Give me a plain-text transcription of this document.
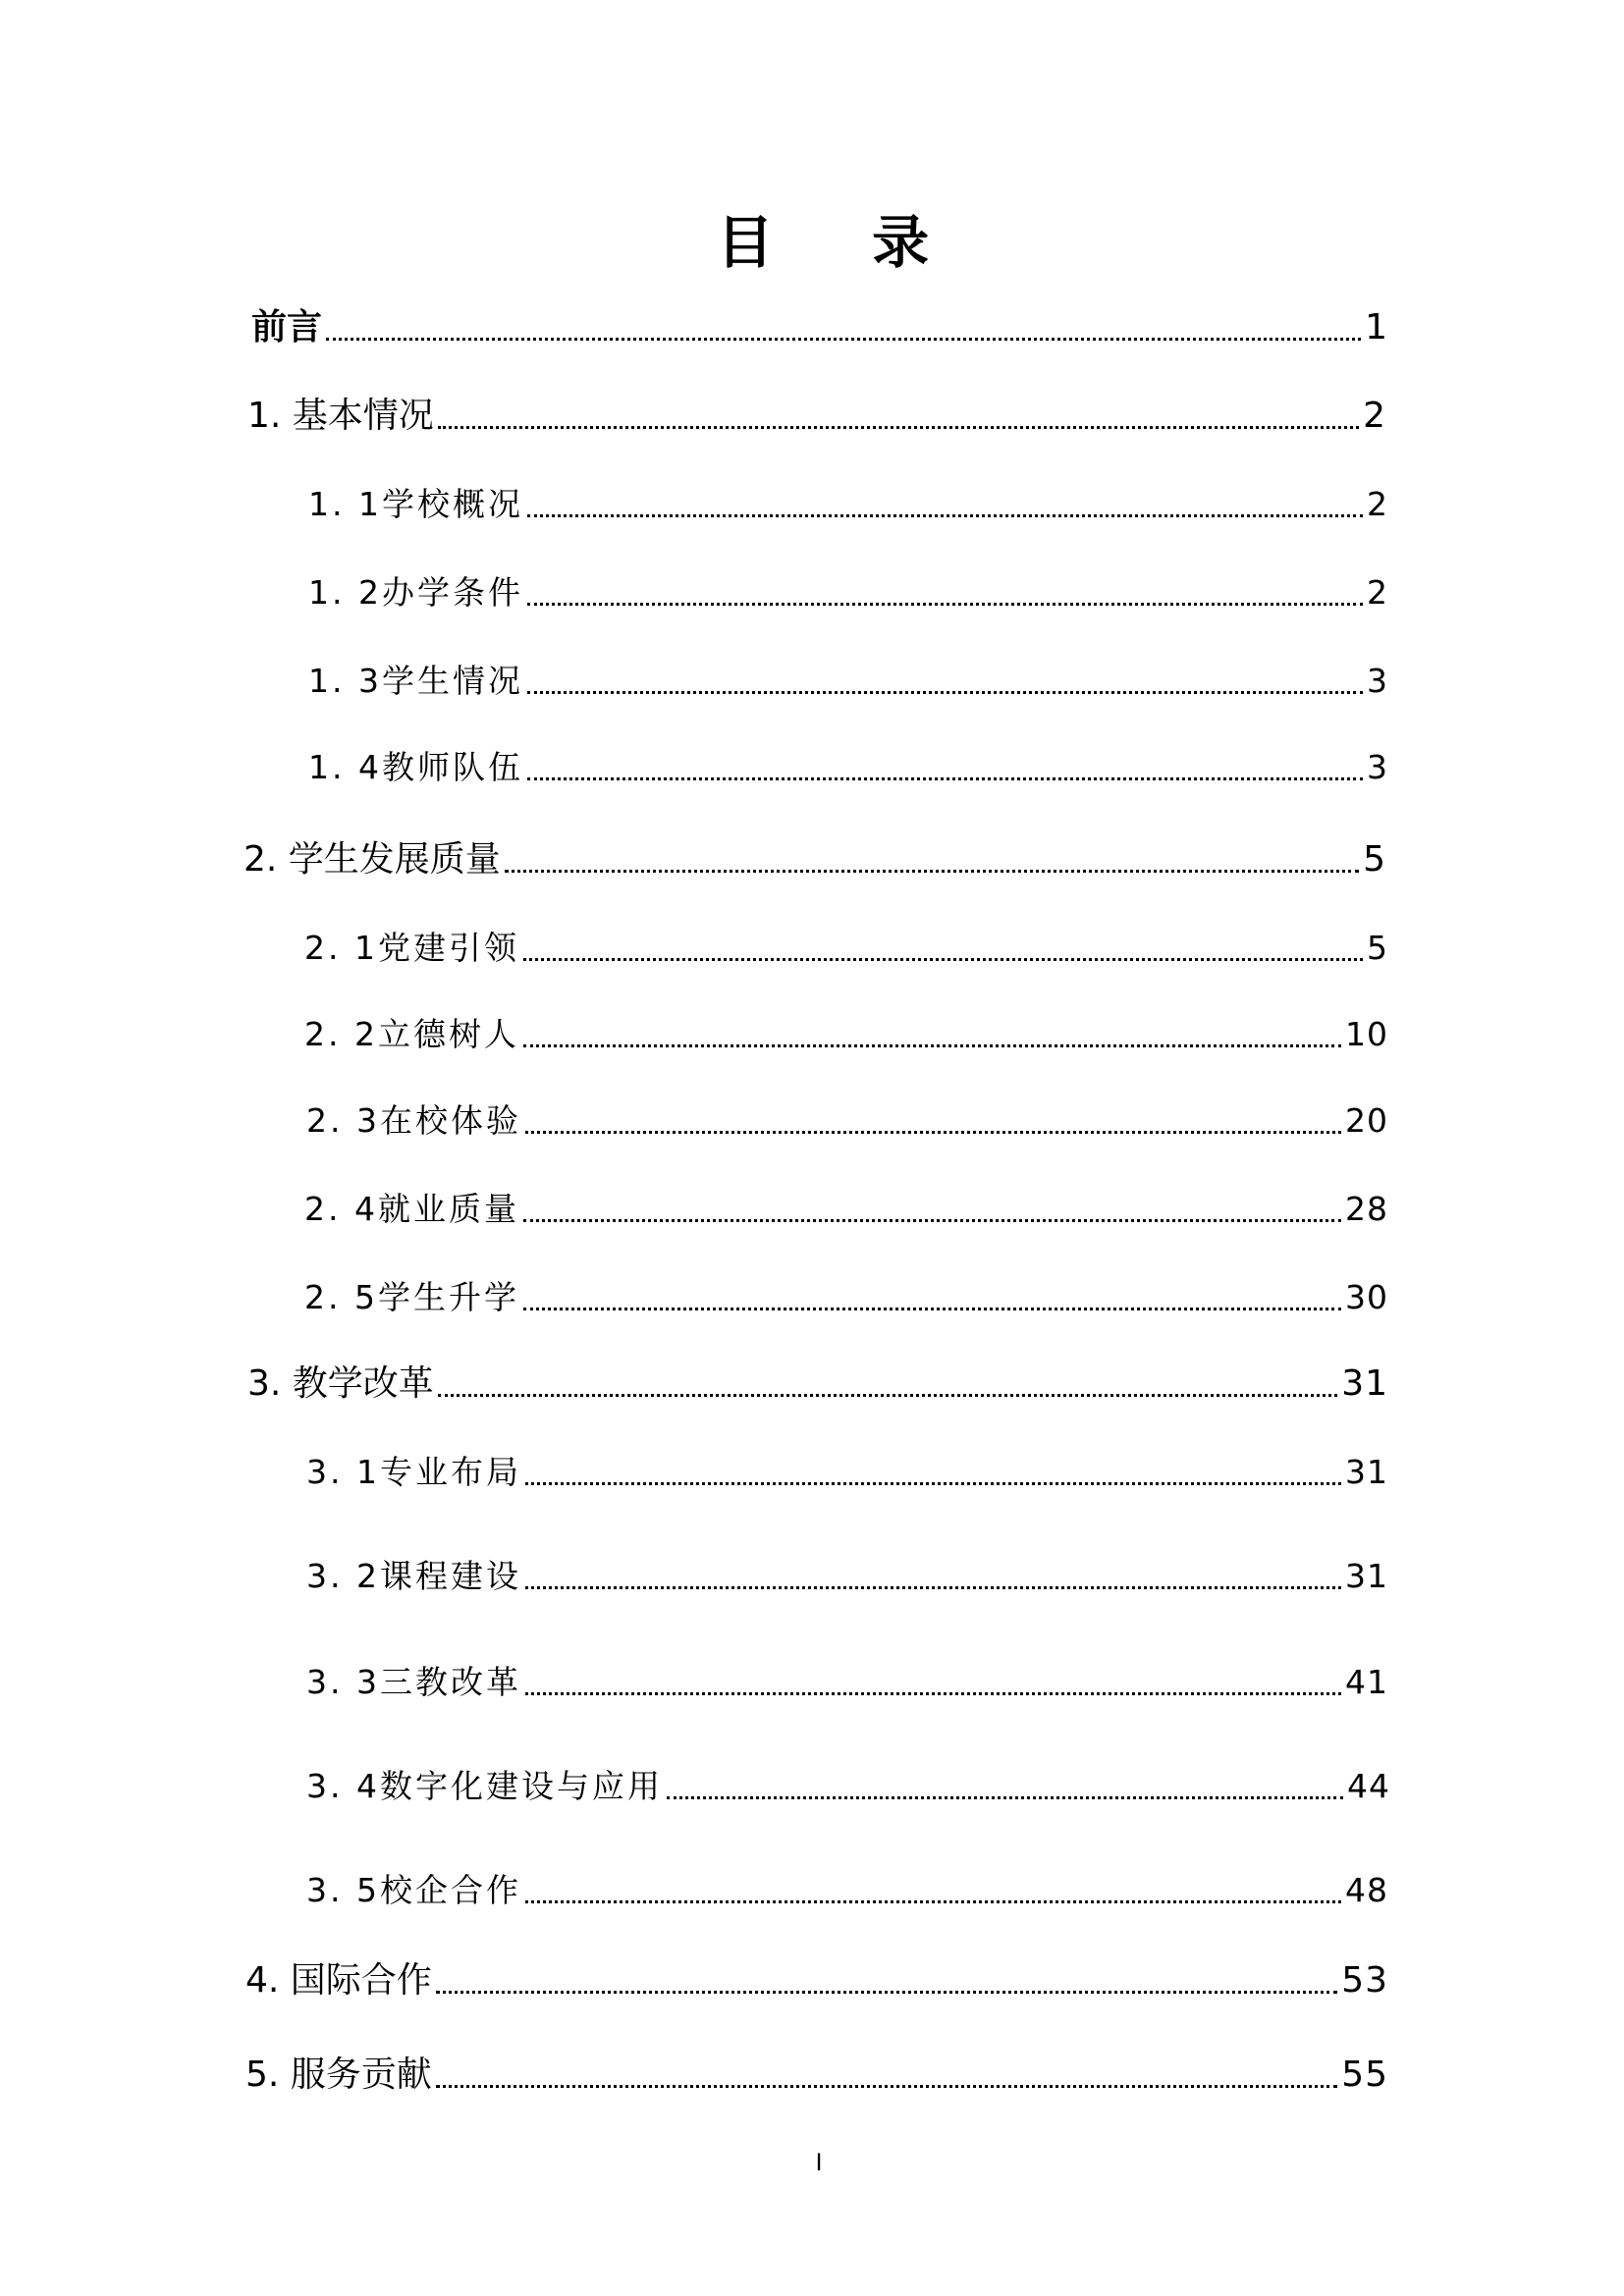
目 录
前言	1
1. 基本情况	2
1. 1学校概况	2
1. 2办学条件	2
1. 3学生情况	3
1. 4教师队伍	3
2. 学生发展质量	5
2. 1党建引领	5
2. 2立德树人	10
2. 3在校体验	20
2. 4就业质量	28
2. 5学生升学	30
3. 教学改革	31
3. 1专业布局	31
3. 2课程建设	31
3. 3三教改革	41
3. 4数字化建设与应用	44
3. 5校企合作	48
4. 国际合作	53
5. 服务贡献	55
I
